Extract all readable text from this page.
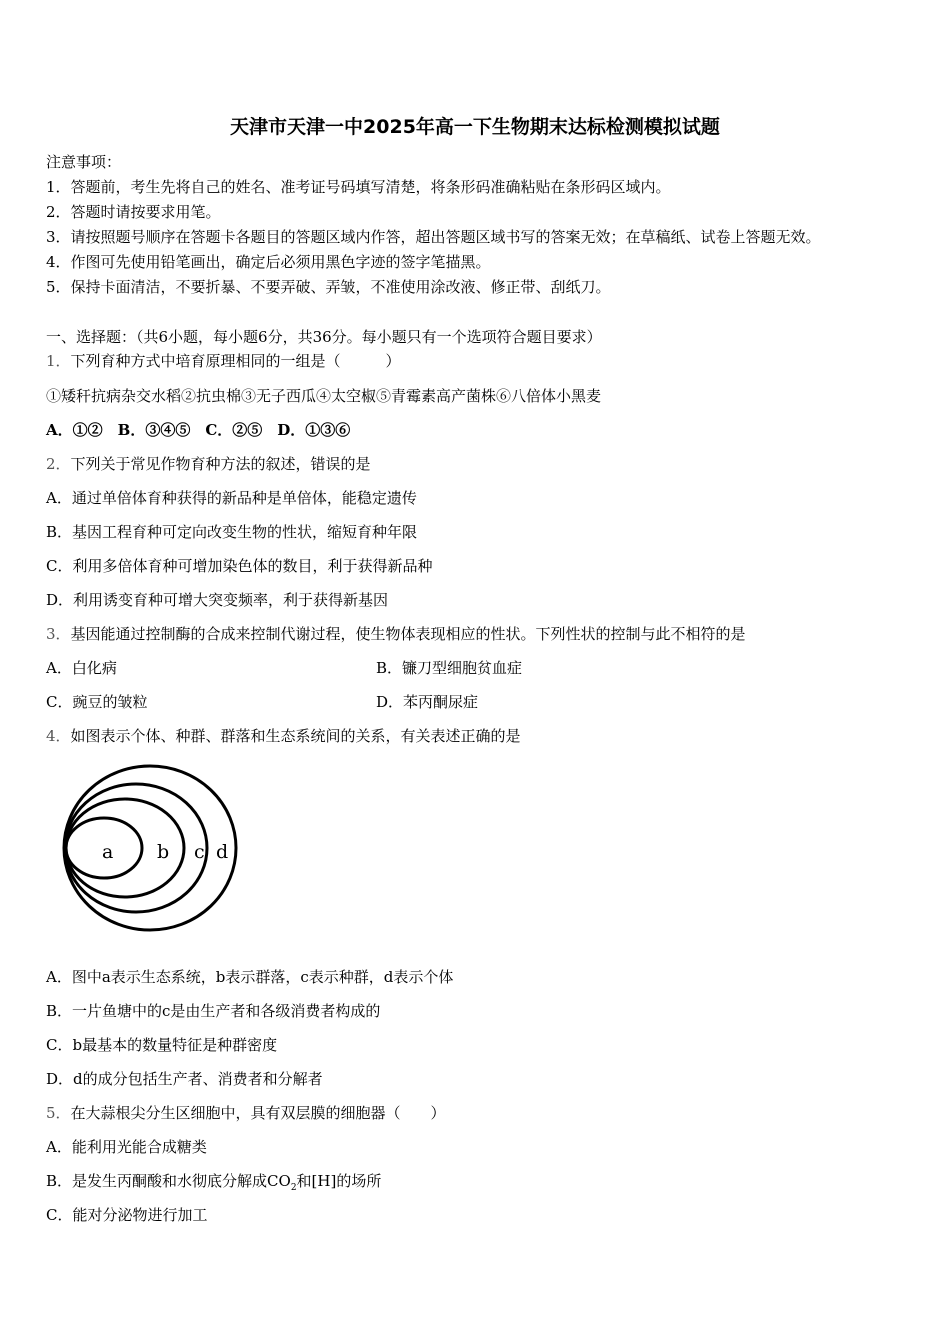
天津市天津一中2025年高一下生物期末达标检测模拟试题
注意事项：
1．答题前，考生先将自己的姓名、准考证号码填写清楚，将条形码准确粘贴在条形码区域内。
2．答题时请按要求用笔。
3．请按照题号顺序在答题卡各题目的答题区域内作答，超出答题区域书写的答案无效；在草稿纸、试卷上答题无效。
4．作图可先使用铅笔画出，确定后必须用黑色字迹的签字笔描黑。
5．保持卡面清洁，不要折暴、不要弄破、弄皱，不准使用涂改液、修正带、刮纸刀。
一、选择题：（共6小题，每小题6分，共36分。每小题只有一个选项符合题目要求）
1．下列育种方式中培育原理相同的一组是（　　　）
①矮秆抗病杂交水稻②抗虫棉③无子西瓜④太空椒⑤青霉素高产菌株⑥八倍体小黑麦
A．①②　B．③④⑤　C．②⑤　D．①③⑥
2．下列关于常见作物育种方法的叙述，错误的是
A．通过单倍体育种获得的新品种是单倍体，能稳定遗传
B．基因工程育种可定向改变生物的性状，缩短育种年限
C．利用多倍体育种可增加染色体的数目，利于获得新品种
D．利用诱变育种可增大突变频率，利于获得新基因
3．基因能通过控制酶的合成来控制代谢过程，使生物体表现相应的性状。下列性状的控制与此不相符的是
A．白化病	B．镰刀型细胞贫血症
C．豌豆的皱粒	D．苯丙酮尿症
4．如图表示个体、种群、群落和生态系统间的关系，有关表述正确的是
a b c d
A．图中a表示生态系统，b表示群落，c表示种群，d表示个体
B．一片鱼塘中的c是由生产者和各级消费者构成的
C．b最基本的数量特征是种群密度
D．d的成分包括生产者、消费者和分解者
5．在大蒜根尖分生区细胞中，具有双层膜的细胞器（　　）
A．能利用光能合成糖类
B．是发生丙酮酸和水彻底分解成$CO_2$和[H]的场所
C．能对分泌物进行加工
